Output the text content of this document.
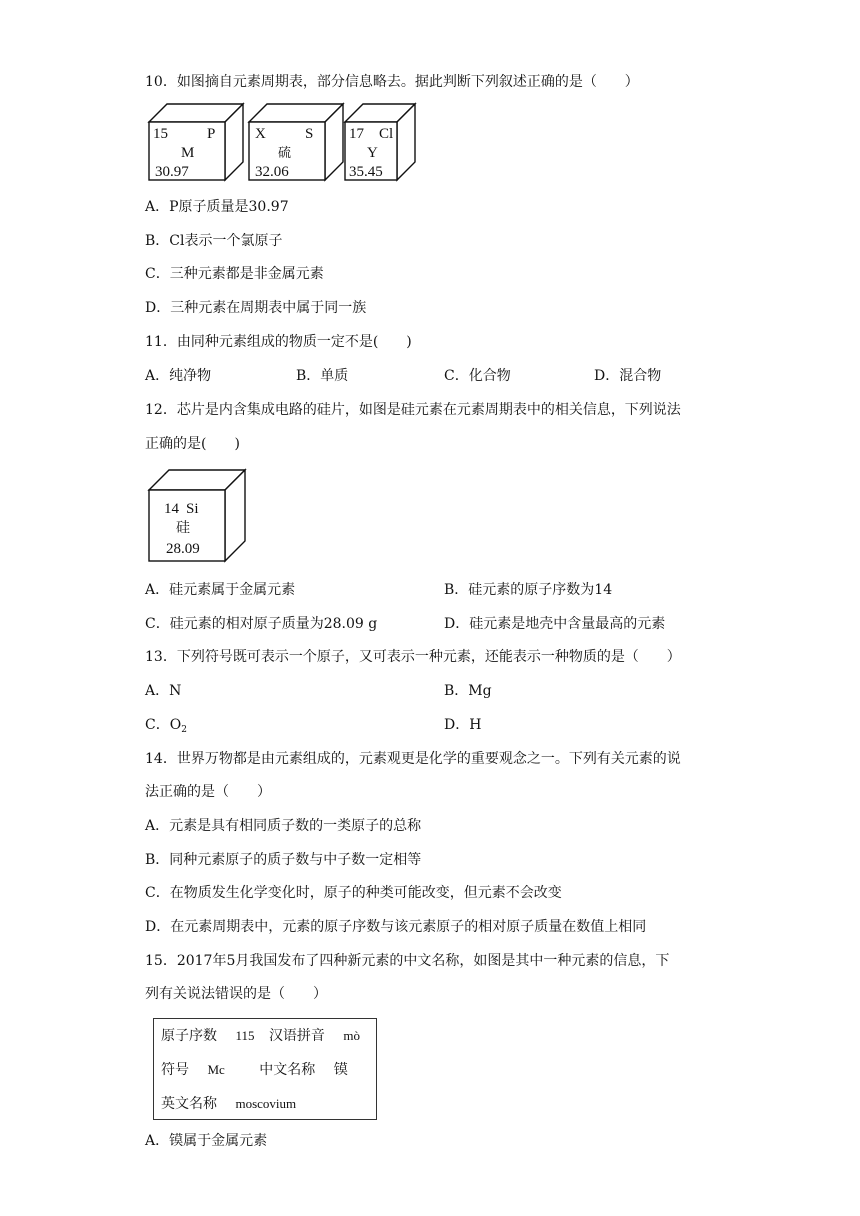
10．如图摘自元素周期表，部分信息略去。据此判断下列叙述正确的是（　　）
15	P
M
30.97
X	S
硫
32.06
17 Cl
Y
35.45
A．P原子质量是30.97
B．Cl表示一个氯原子
C．三种元素都是非金属元素
D．三种元素在周期表中属于同一族
11．由同种元素组成的物质一定不是(　　)
A．纯净物	B．单质	C．化合物	D．混合物
12．芯片是内含集成电路的硅片，如图是硅元素在元素周期表中的相关信息，下列说法
正确的是(　　)
14 Si
硅
28.09
A．硅元素属于金属元素	B．硅元素的原子序数为14
C．硅元素的相对原子质量为28.09 g	D．硅元素是地壳中含量最高的元素
13．下列符号既可表示一个原子，又可表示一种元素，还能表示一种物质的是（　　）
A．N	B．Mg
C．$O_2$	D．H
14．世界万物都是由元素组成的，元素观更是化学的重要观念之一。下列有关元素的说
法正确的是（　　）
A．元素是具有相同质子数的一类原子的总称
B．同种元素原子的质子数与中子数一定相等
C．在物质发生化学变化时，原子的种类可能改变，但元素不会改变
D．在元素周期表中，元素的原子序数与该元素原子的相对原子质量在数值上相同
15．2017年5月我国发布了四种新元素的中文名称，如图是其中一种元素的信息，下
列有关说法错误的是（　　）
原子序数 115 汉语拼音 mò
符号 Mc 中文名称 镆
英文名称 moscovium
A．镆属于金属元素
